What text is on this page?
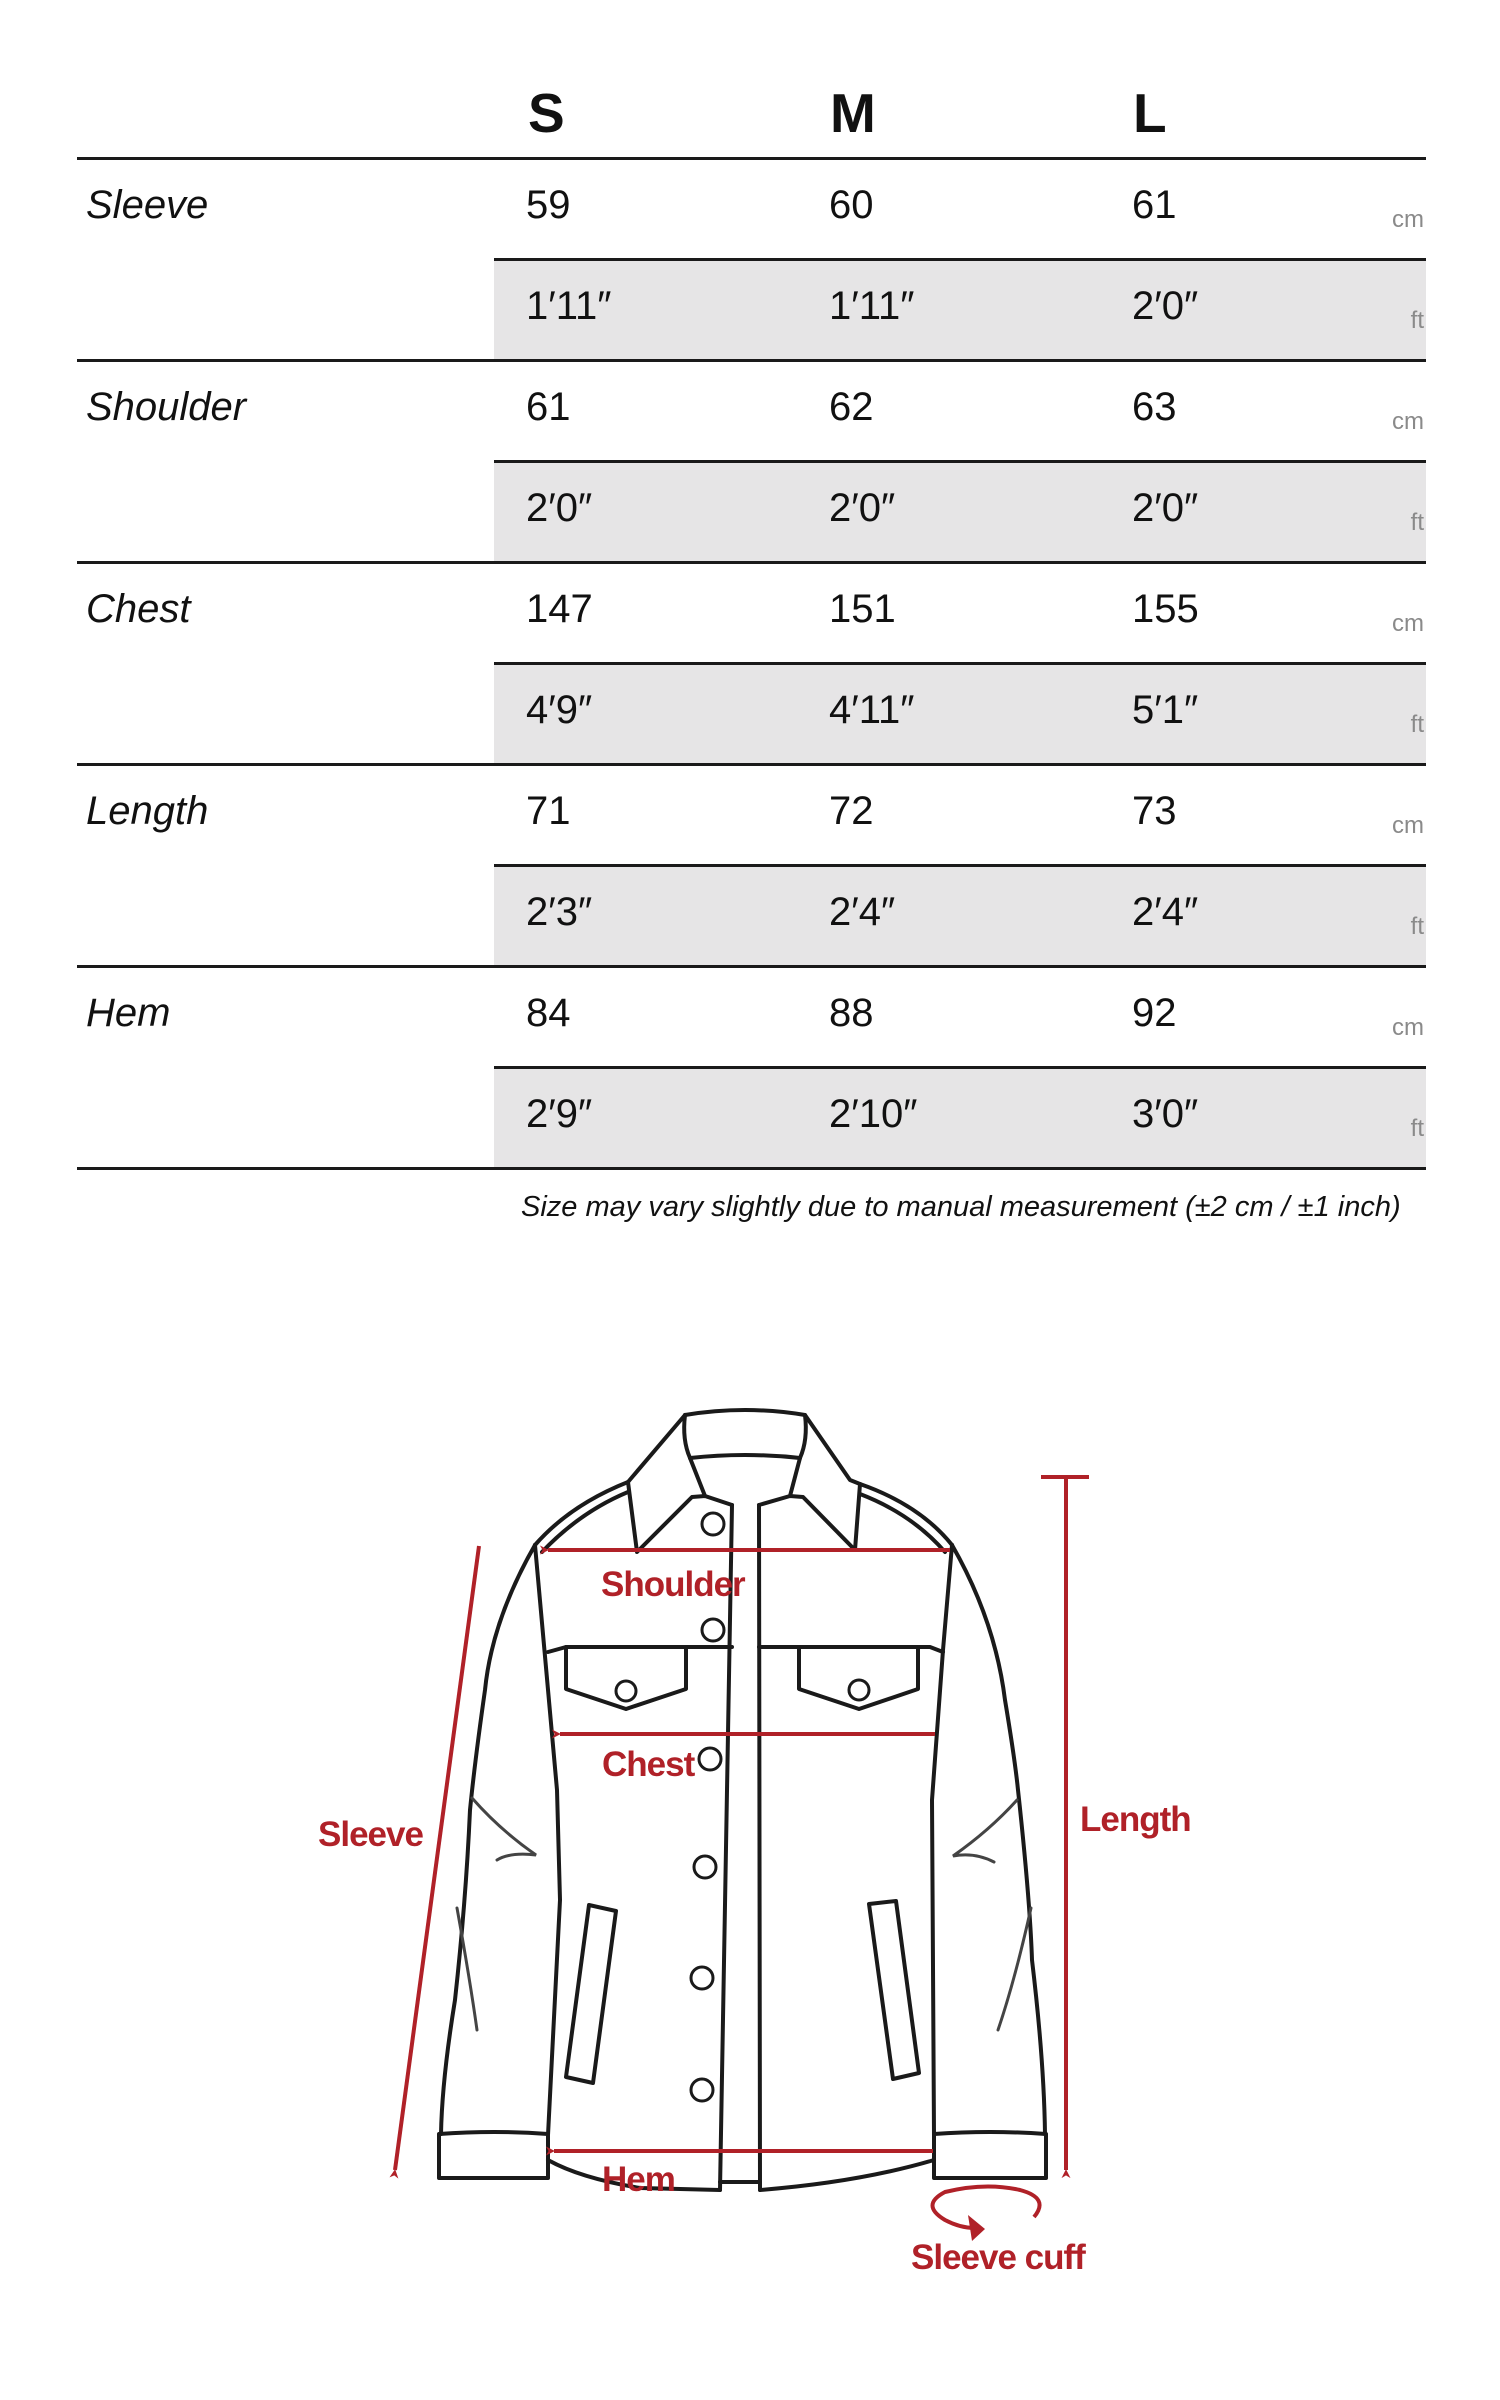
S	M	L
Sleeve	59	60	61	cm
1′11″	1′11″	2′0″	ft
Shoulder	61	62	63	cm
2′0″	2′0″	2′0″	ft
Chest	147	151	155	cm
4′9″	4′11″	5′1″	ft
Length	71	72	73	cm
2′3″	2′4″	2′4″	ft
Hem	84	88	92	cm
2′9″	2′10″	3′0″	ft
Size may vary slightly due to manual measurement (±2 cm / ±1 inch)
Shoulder
Chest
Sleeve	Length
Hem
Sleeve cuff
